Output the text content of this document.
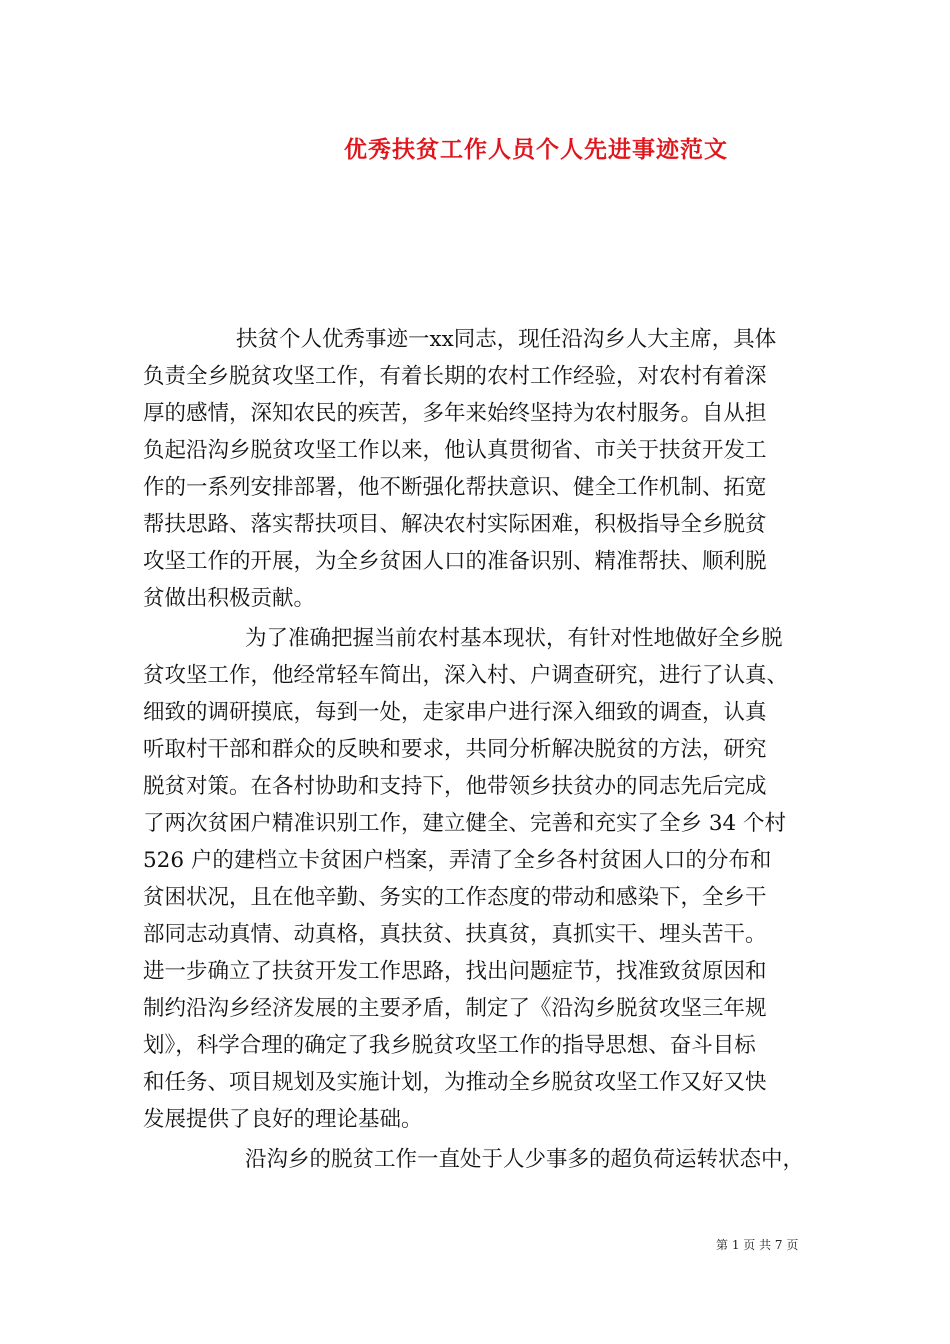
优秀扶贫工作人员个人先进事迹范文
扶贫个人优秀事迹一xx同志，现任沿沟乡人大主席，具体
负责全乡脱贫攻坚工作，有着长期的农村工作经验，对农村有着深
厚的感情，深知农民的疾苦，多年来始终坚持为农村服务。自从担
负起沿沟乡脱贫攻坚工作以来，他认真贯彻省、市关于扶贫开发工
作的一系列安排部署，他不断强化帮扶意识、健全工作机制、拓宽
帮扶思路、落实帮扶项目、解决农村实际困难，积极指导全乡脱贫
攻坚工作的开展，为全乡贫困人口的准备识别、精准帮扶、顺利脱
贫做出积极贡献。
为了准确把握当前农村基本现状，有针对性地做好全乡脱
贫攻坚工作，他经常轻车简出，深入村、户调查研究，进行了认真、
细致的调研摸底，每到一处，走家串户进行深入细致的调查，认真
听取村干部和群众的反映和要求，共同分析解决脱贫的方法，研究
脱贫对策。在各村协助和支持下，他带领乡扶贫办的同志先后完成
了两次贫困户精准识别工作，建立健全、完善和充实了全乡 34 个村
526 户的建档立卡贫困户档案，弄清了全乡各村贫困人口的分布和
贫困状况，且在他辛勤、务实的工作态度的带动和感染下，全乡干
部同志动真情、动真格，真扶贫、扶真贫，真抓实干、埋头苦干。
进一步确立了扶贫开发工作思路，找出问题症节，找准致贫原因和
制约沿沟乡经济发展的主要矛盾，制定了《沿沟乡脱贫攻坚三年规
划》，科学合理的确定了我乡脱贫攻坚工作的指导思想、奋斗目标
和任务、项目规划及实施计划，为推动全乡脱贫攻坚工作又好又快
发展提供了良好的理论基础。
沿沟乡的脱贫工作一直处于人少事多的超负荷运转状态中，
第 1 页 共 7 页
